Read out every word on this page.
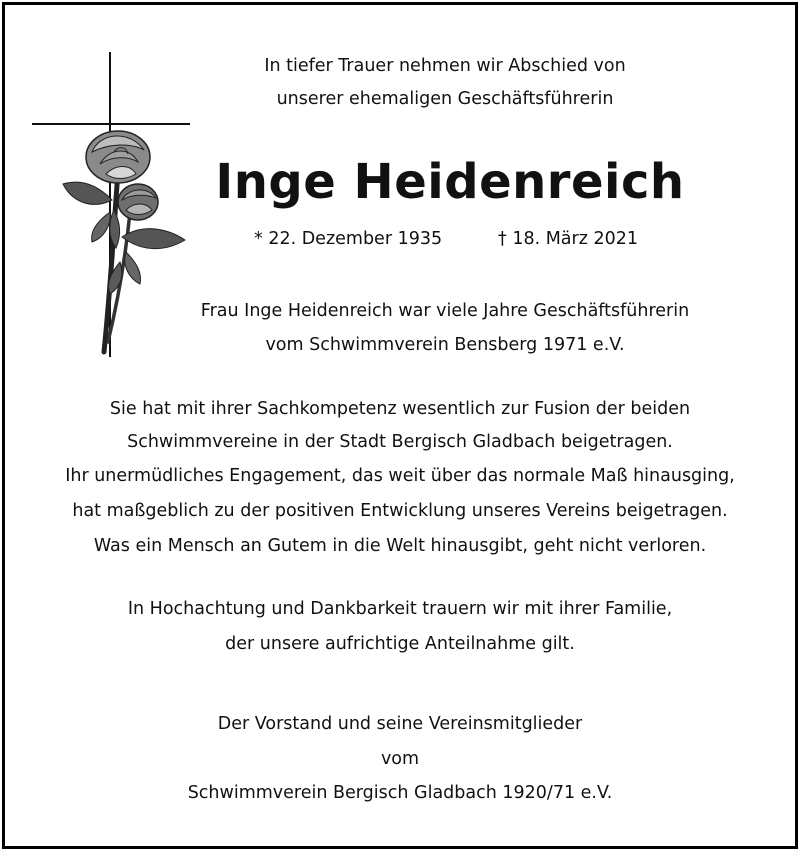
In tiefer Trauer nehmen wir Abschied von
unserer ehemaligen Geschäftsführerin
Inge Heidenreich
* 22. Dezember 1935	† 18. März 2021
Frau Inge Heidenreich war viele Jahre Geschäftsführerin
vom Schwimmverein Bensberg 1971 e.V.
Sie hat mit ihrer Sachkompetenz wesentlich zur Fusion der beiden
Schwimmvereine in der Stadt Bergisch Gladbach beigetragen.
Ihr unermüdliches Engagement, das weit über das normale Maß hinausging,
hat maßgeblich zu der positiven Entwicklung unseres Vereins beigetragen.
Was ein Mensch an Gutem in die Welt hinausgibt, geht nicht verloren.
In Hochachtung und Dankbarkeit trauern wir mit ihrer Familie,
der unsere aufrichtige Anteilnahme gilt.
Der Vorstand und seine Vereinsmitglieder
vom
Schwimmverein Bergisch Gladbach 1920/71 e.V.
